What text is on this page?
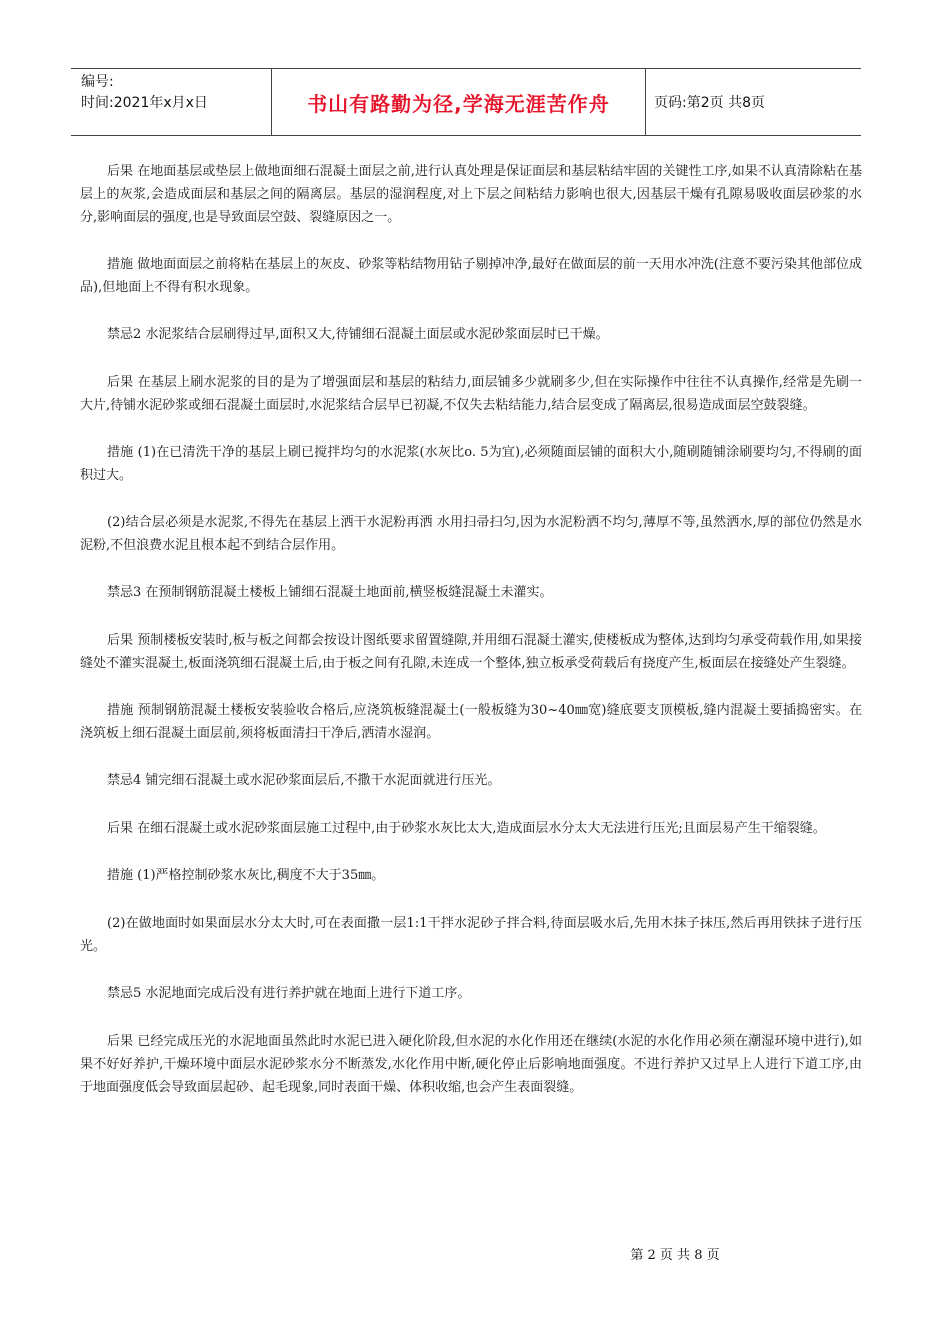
编号:
时间:2021年x月x日	书山有路勤为径,学海无涯苦作舟	页码:第2页 共8页

后果 在地面基层或垫层上做地面细石混凝土面层之前,进行认真处理是保证面层和基层粘结牢固的关键性工序,如果不认真清除粘在基层上的灰浆,会造成面层和基层之间的隔离层。基层的湿润程度,对上下层之间粘结力影响也很大,因基层干燥有孔隙易吸收面层砂浆的水分,影响面层的强度,也是导致面层空鼓、裂缝原因之一。

措施 做地面面层之前将粘在基层上的灰皮、砂浆等粘结物用钻子剔掉冲净,最好在做面层的前一天用水冲洗(注意不要污染其他部位成品),但地面上不得有积水现象。

禁忌2 水泥浆结合层刷得过早,面积又大,待铺细石混凝土面层或水泥砂浆面层时已干燥。

后果 在基层上刷水泥浆的目的是为了增强面层和基层的粘结力,面层铺多少就刷多少,但在实际操作中往往不认真操作,经常是先刷一大片,待铺水泥砂浆或细石混凝土面层时,水泥浆结合层早已初凝,不仅失去粘结能力,结合层变成了隔离层,很易造成面层空鼓裂缝。

措施 (1)在已清洗干净的基层上刷已搅拌均匀的水泥浆(水灰比o. 5为宜),必须随面层铺的面积大小,随刷随铺涂刷要均匀,不得刷的面积过大。

(2)结合层必须是水泥浆,不得先在基层上洒干水泥粉再洒 水用扫帚扫匀,因为水泥粉洒不均匀,薄厚不等,虽然洒水,厚的部位仍然是水泥粉,不但浪费水泥且根本起不到结合层作用。

禁忌3 在预制钢筋混凝土楼板上铺细石混凝土地面前,横竖板缝混凝土未灌实。

后果 预制楼板安装时,板与板之间都会按设计图纸要求留置缝隙,并用细石混凝土灌实,使楼板成为整体,达到均匀承受荷载作用,如果接缝处不灌实混凝土,板面浇筑细石混凝土后,由于板之间有孔隙,未连成一个整体,独立板承受荷载后有挠度产生,板面层在接缝处产生裂缝。

措施 预制钢筋混凝土楼板安装验收合格后,应浇筑板缝混凝土(一般板缝为30~40㎜宽)缝底要支顶模板,缝内混凝土要插捣密实。在浇筑板上细石混凝土面层前,须将板面清扫干净后,洒清水湿润。

禁忌4 铺完细石混凝土或水泥砂浆面层后,不撒干水泥面就进行压光。

后果 在细石混凝土或水泥砂浆面层施工过程中,由于砂浆水灰比太大,造成面层水分太大无法进行压光;且面层易产生干缩裂缝。

措施 (1)严格控制砂浆水灰比,稠度不大于35㎜。

(2)在做地面时如果面层水分太大时,可在表面撒一层1:1干拌水泥砂子拌合料,待面层吸水后,先用木抹子抹压,然后再用铁抹子进行压光。

禁忌5 水泥地面完成后没有进行养护就在地面上进行下道工序。

后果 已经完成压光的水泥地面虽然此时水泥已进入硬化阶段,但水泥的水化作用还在继续(水泥的水化作用必须在潮湿环境中进行),如果不好好养护,干燥环境中面层水泥砂浆水分不断蒸发,水化作用中断,硬化停止后影响地面强度。不进行养护又过早上人进行下道工序,由于地面强度低会导致面层起砂、起毛现象,同时表面干燥、体积收缩,也会产生表面裂缝。

第 2 页 共 8 页
